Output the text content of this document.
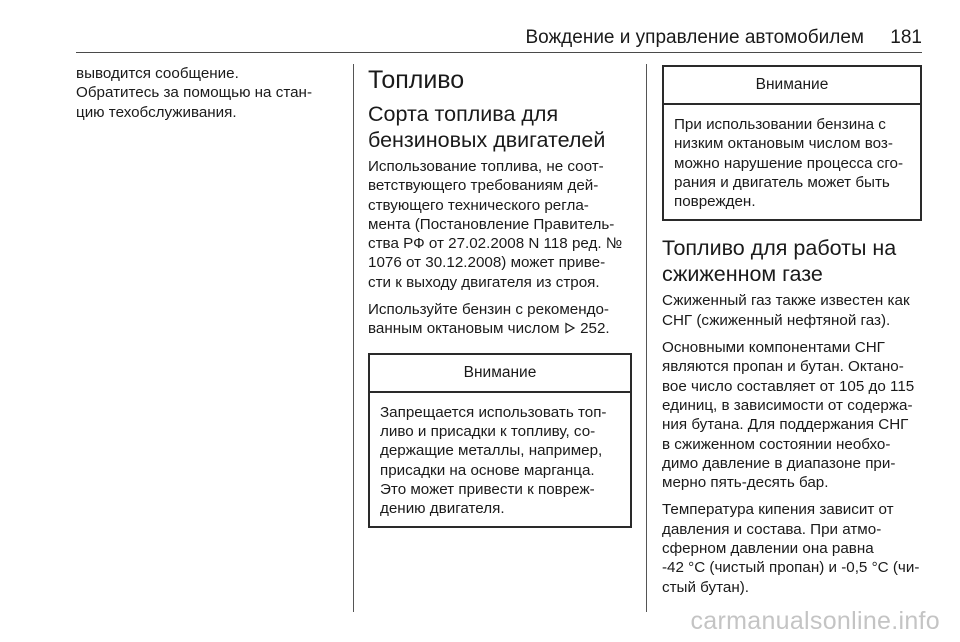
Вождение и управление автомобилем 181

выводится сообщение.
Обратитесь за помощью на стан-
цию техобслуживания.

Топливо
Сорта топлива для
бензиновых двигателей

Использование топлива, не соот-
ветствующего требованиям дей-
ствующего технического регла-
мента (Постановление Правитель-
ства РФ от 27.02.2008 N 118 ред. №
1076 от 30.12.2008) может приве-
сти к выходу двигателя из строя.

Используйте бензин с рекомендо-
ванным октановым числом 252.

Внимание
Запрещается использовать топ-
ливо и присадки к топливу, со-
держащие металлы, например,
присадки на основе марганца.
Это может привести к повреж-
дению двигателя.
Внимание
При использовании бензина с
низким октановым числом воз-
можно нарушение процесса сго-
рания и двигатель может быть
поврежден.
Топливо для работы на
сжиженном газе

Сжиженный газ также известен как
СНГ (сжиженный нефтяной газ).

Основными компонентами СНГ
являются пропан и бутан. Октано-
вое число составляет от 105 до 115
единиц, в зависимости от содержа-
ния бутана. Для поддержания СНГ
в сжиженном состоянии необхо-
димо давление в диапазоне при-
мерно пять-десять бар.

Температура кипения зависит от
давления и состава. При атмо-
сферном давлении она равна
-42 °C (чистый пропан) и -0,5 °C (чи-
стый бутан).

carmanualsonline.info
